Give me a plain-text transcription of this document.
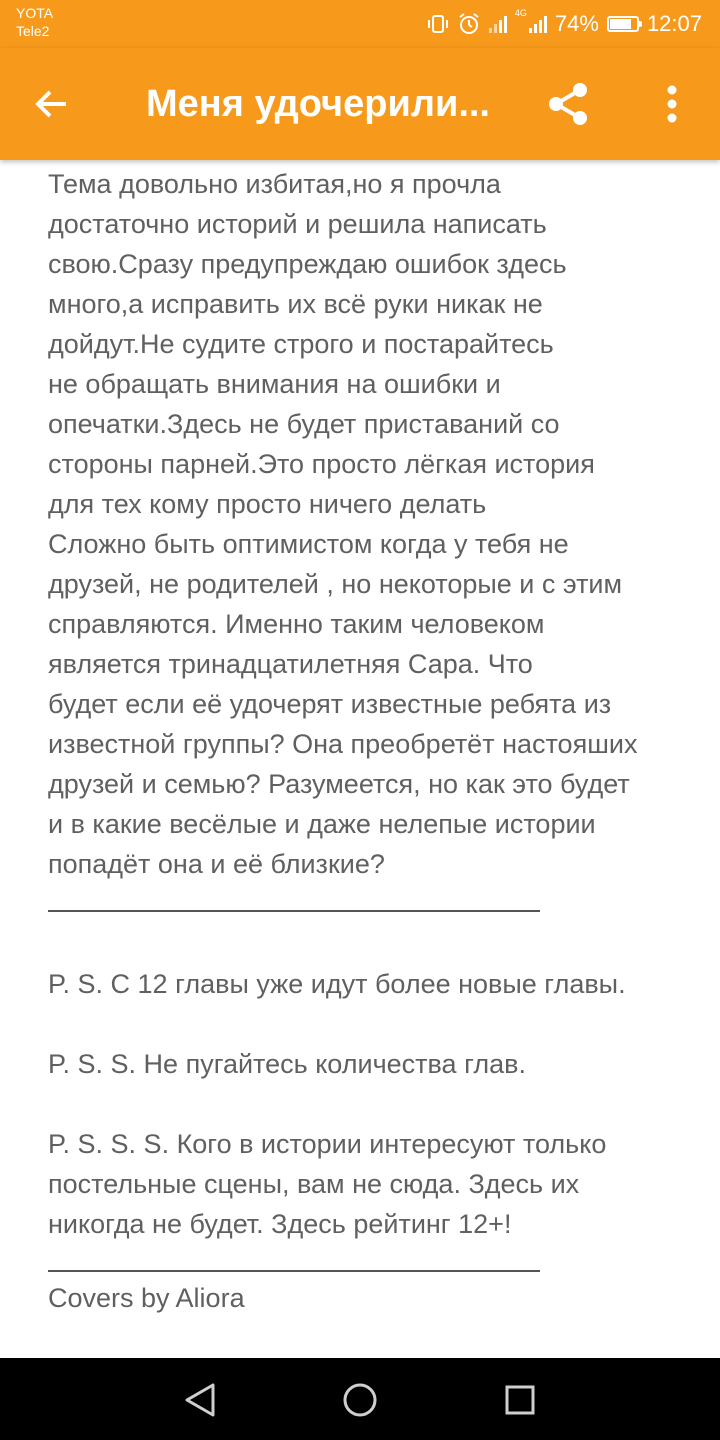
YOTA
Tele2
4G 74% 12:07
Меня удочерили...

Тема довольно избитая,но я прочла

достаточно историй и решила написать

свою.Сразу предупреждаю ошибок здесь

много,а исправить их всё руки никак не

дойдут.Не судите строго и постарайтесь

не обращать внимания на ошибки и

опечатки.Здесь не будет приставаний со

стороны парней.Это просто лёгкая история

для тех кому просто ничего делать

Сложно быть оптимистом когда у тебя не

друзей, не родителей , но некоторые и с этим

справляются. Именно таким человеком

является тринадцатилетняя Сара. Что

будет если её удочерят известные ребята из

известной группы? Она преобретёт настояших

друзей и семью? Разумеется, но как это будет

и в какие весёлые и даже нелепые истории

попадёт она и её близкие?

P. S. С 12 главы уже идут более новые главы.

P. S. S. Не пугайтесь количества глав.

P. S. S. S. Кого в истории интересуют только

постельные сцены, вам не сюда. Здесь их

никогда не будет. Здесь рейтинг 12+!

Covers by Aliora
